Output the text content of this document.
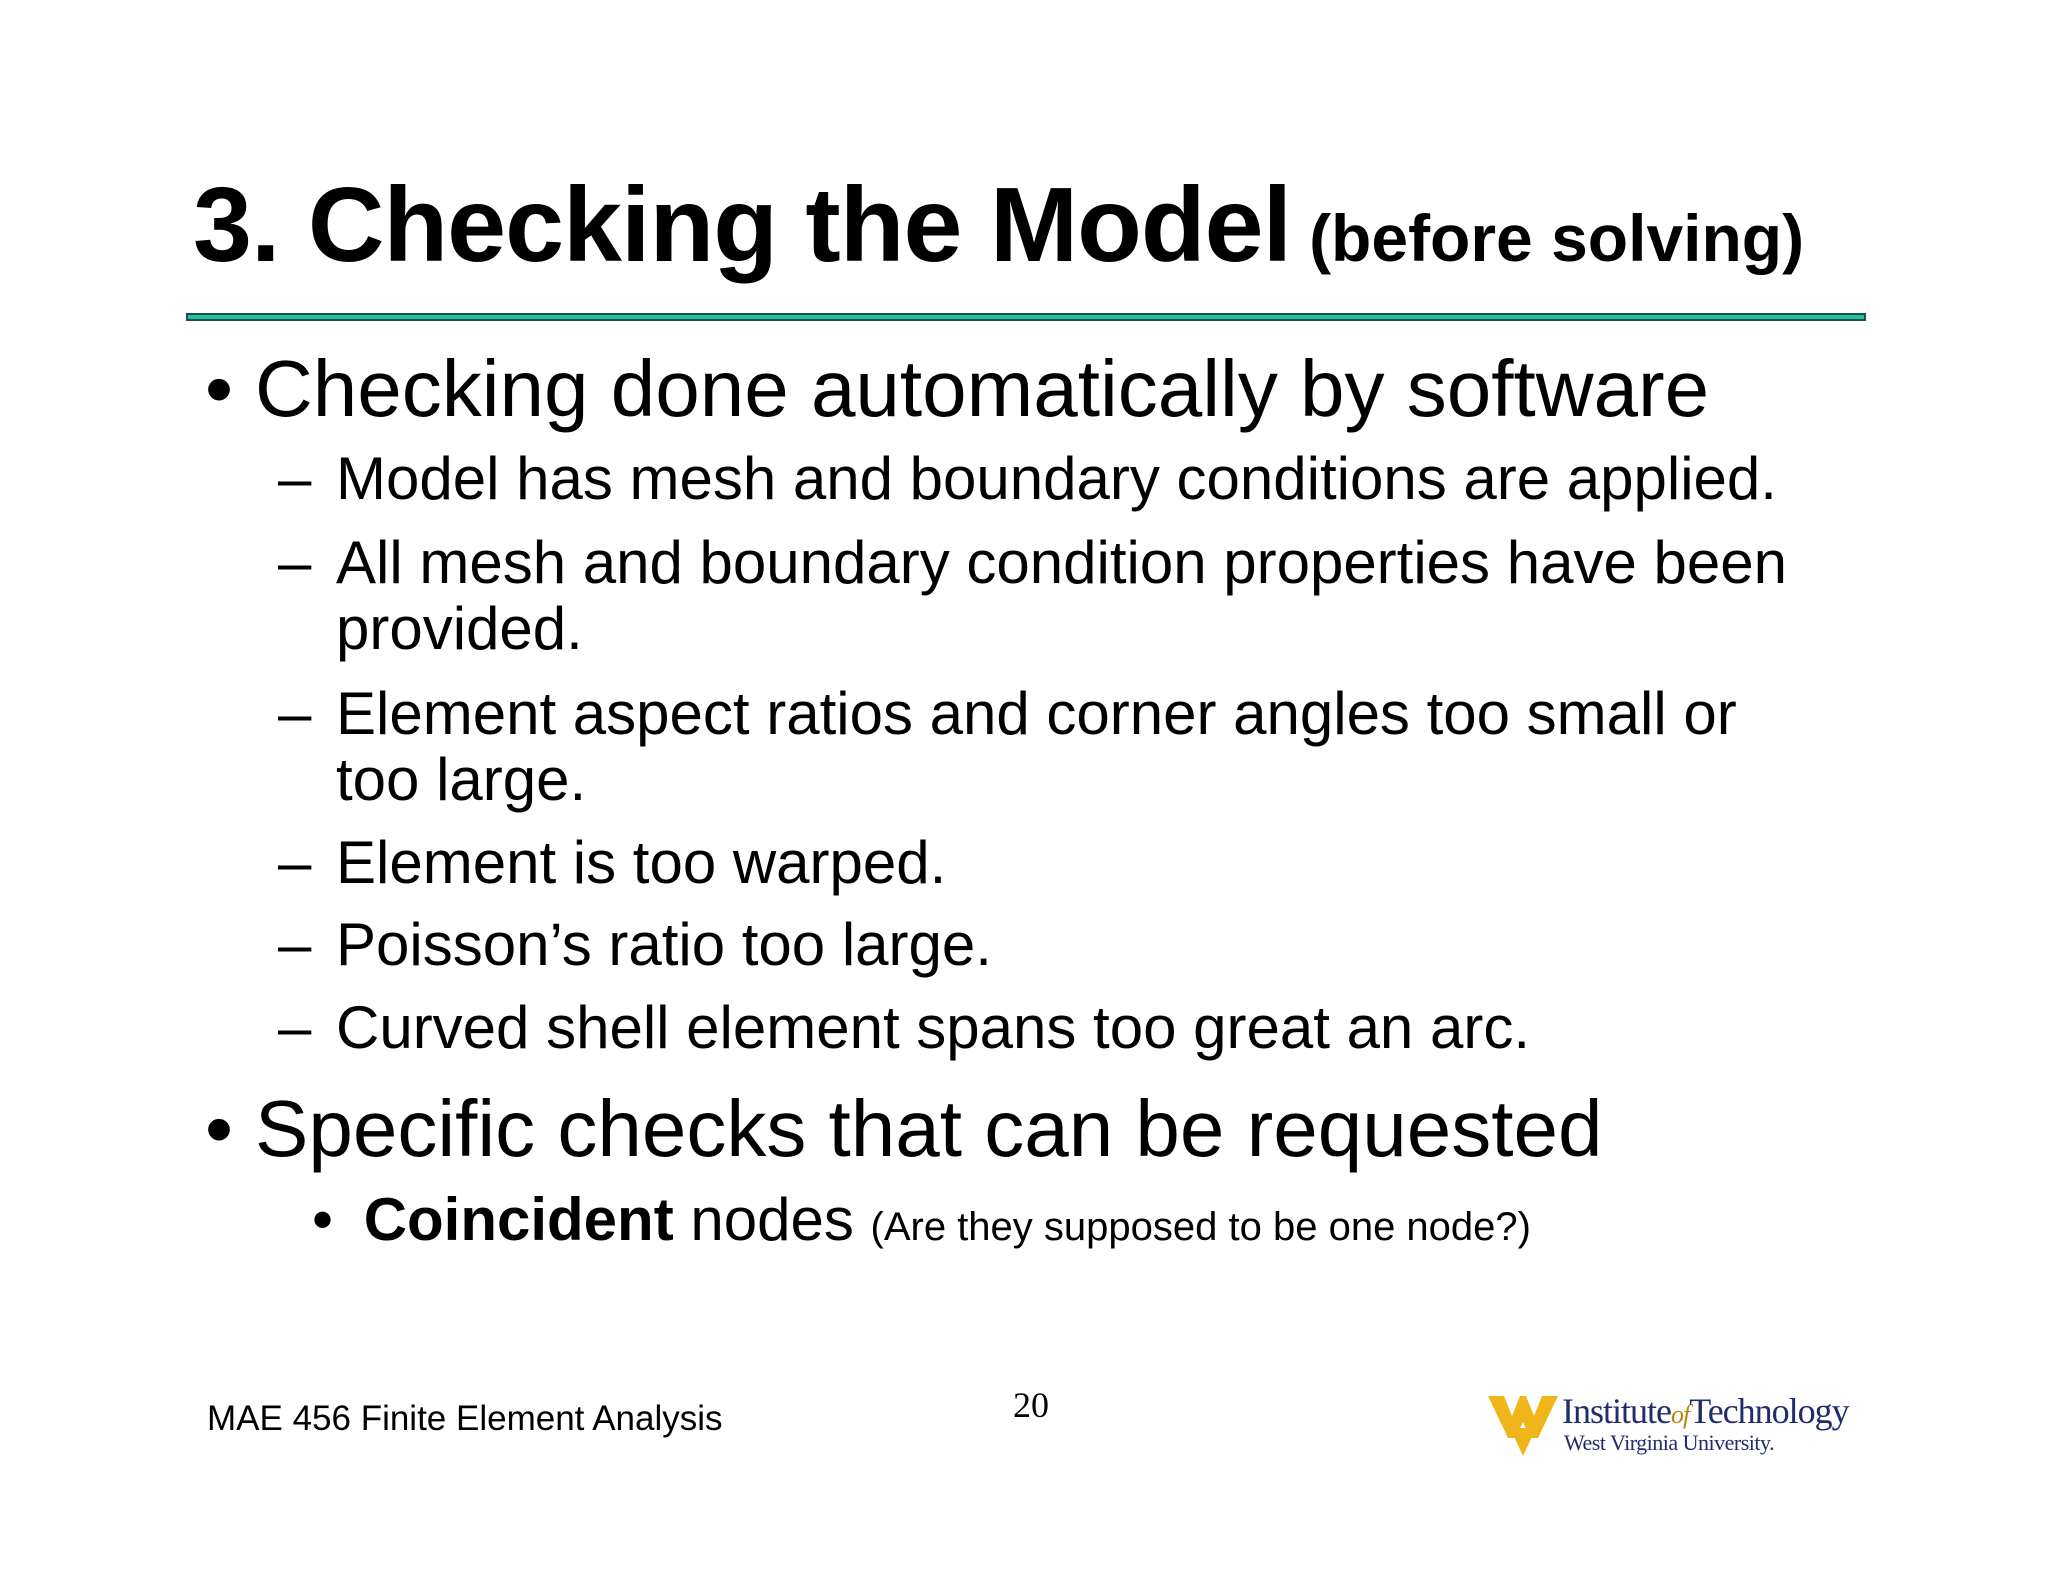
3. Checking the Model (before solving)
• Checking done automatically by software
– Model has mesh and boundary conditions are applied.
– All mesh and boundary condition properties have been
provided.
– Element aspect ratios and corner angles too small or
too large.
– Element is too warped.
– Poisson’s ratio too large.
– Curved shell element spans too great an arc.
• Specific checks that can be requested
• Coincident nodes (Are they supposed to be one node?)
MAE 456 Finite Element Analysis	20	InstituteofTechnology
West Virginia University.
